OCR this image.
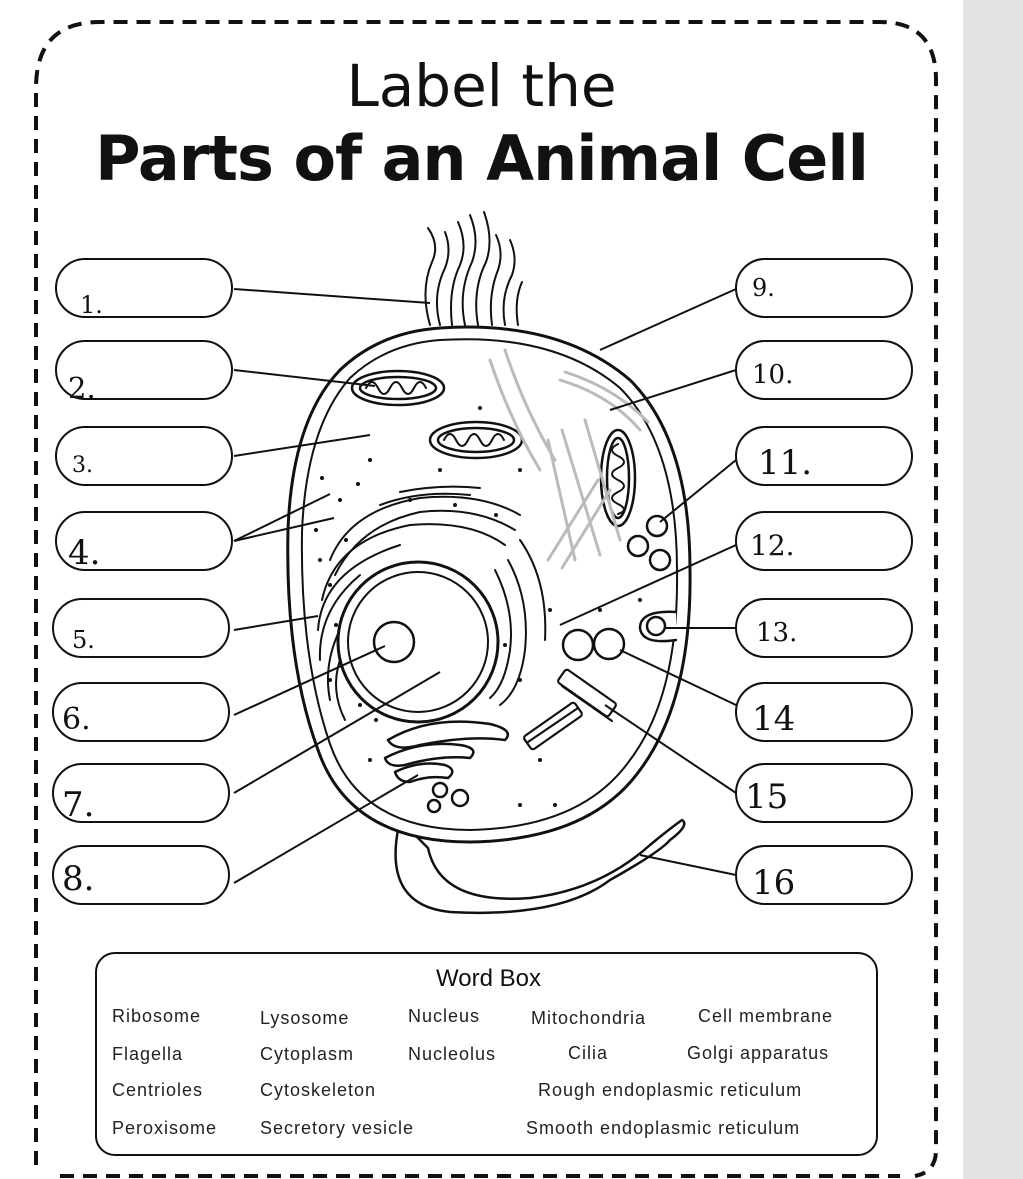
Label the
Parts of an Animal Cell
1.
2.
3.
4.
5.
6.
7.
8.
9.
10.
11.
12.
13.
14
15
16
Word Box
Ribosome	Lysosome	Nucleus	Mitochondria	Cell membrane
Flagella	Cytoplasm	Nucleolus	Cilia	Golgi apparatus
Centrioles	Cytoskeleton	Rough endoplasmic reticulum
Peroxisome Secretory vesicle	Smooth endoplasmic reticulum
